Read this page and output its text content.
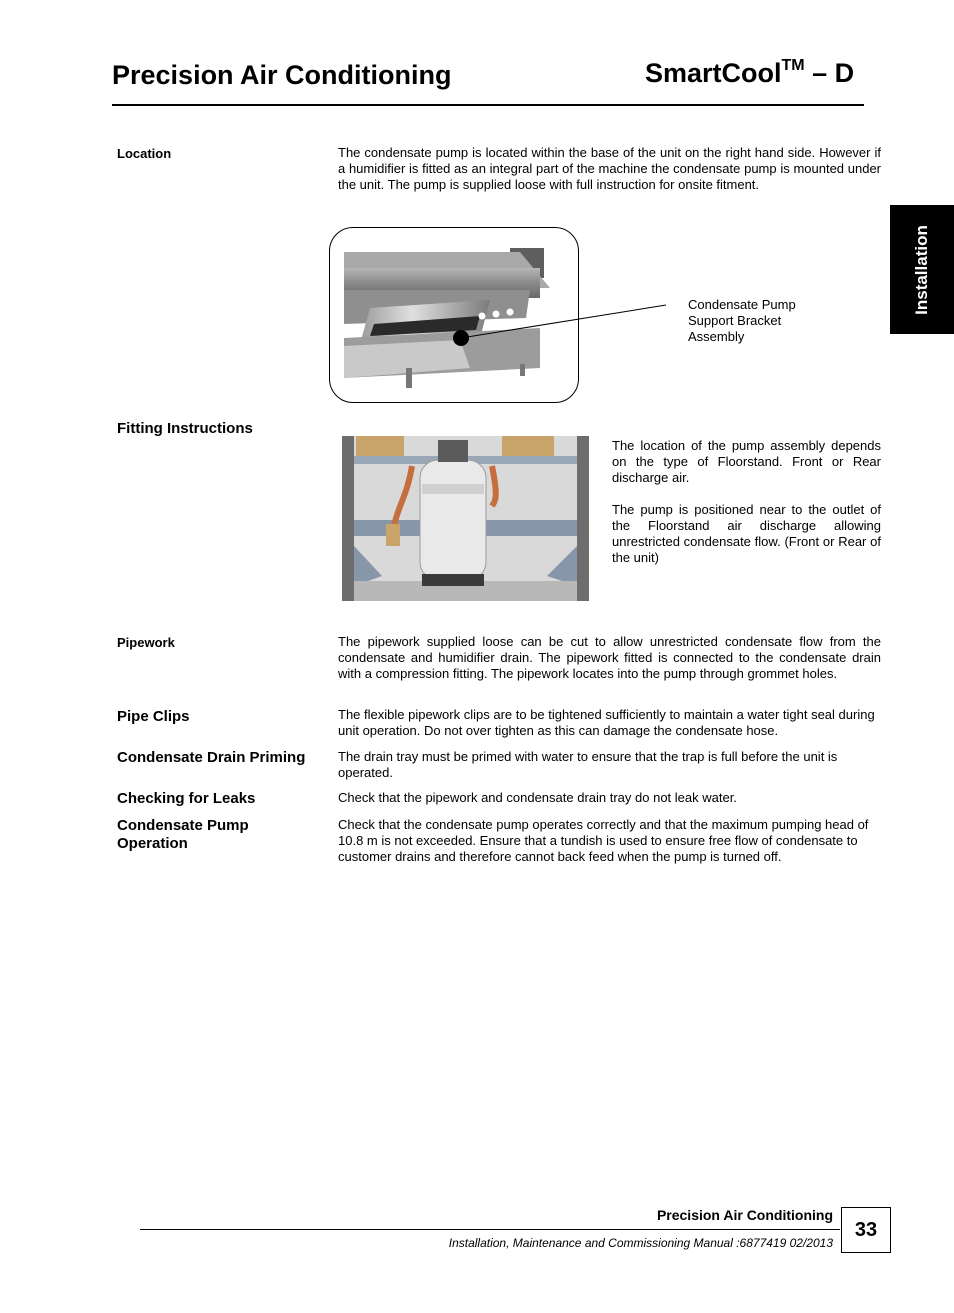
Precision Air Conditioning	SmartCool™ – D
Installation
Location	The condensate pump is located within the base of the unit on the right hand side. However if a humidifier is fitted as an integral part of the machine the condensate pump is mounted under the unit. The pump is supplied loose with full instruction for onsite fitment.
Condensate Pump
Support Bracket
Assembly
Fitting Instructions
The location of the pump assembly depends on the type of Floorstand. Front or Rear discharge air.
The pump is positioned near to the outlet of the Floorstand air discharge allowing unrestricted condensate flow. (Front or Rear of the unit)
Pipework	The pipework supplied loose can be cut to allow unrestricted condensate flow from the condensate and humidifier drain. The pipework fitted is connected to the condensate drain with a compression fitting. The pipework locates into the pump through grommet holes.
Pipe Clips	The flexible pipework clips are to be tightened sufficiently to maintain a water tight seal during unit operation. Do not over tighten as this can damage the condensate hose.
Condensate Drain Priming	The drain tray must be primed with water to ensure that the trap is full before the unit is operated.
Checking for Leaks	Check that the pipework and condensate drain tray do not leak water.
Condensate Pump
Operation
Check that the condensate pump operates correctly and that the maximum pumping head of 10.8 m is not exceeded. Ensure that a tundish is used to ensure free flow of condensate to customer drains and therefore cannot back feed when the pump is turned off.
Precision Air Conditioning
Installation, Maintenance and Commissioning Manual :6877419 02/2013
33
